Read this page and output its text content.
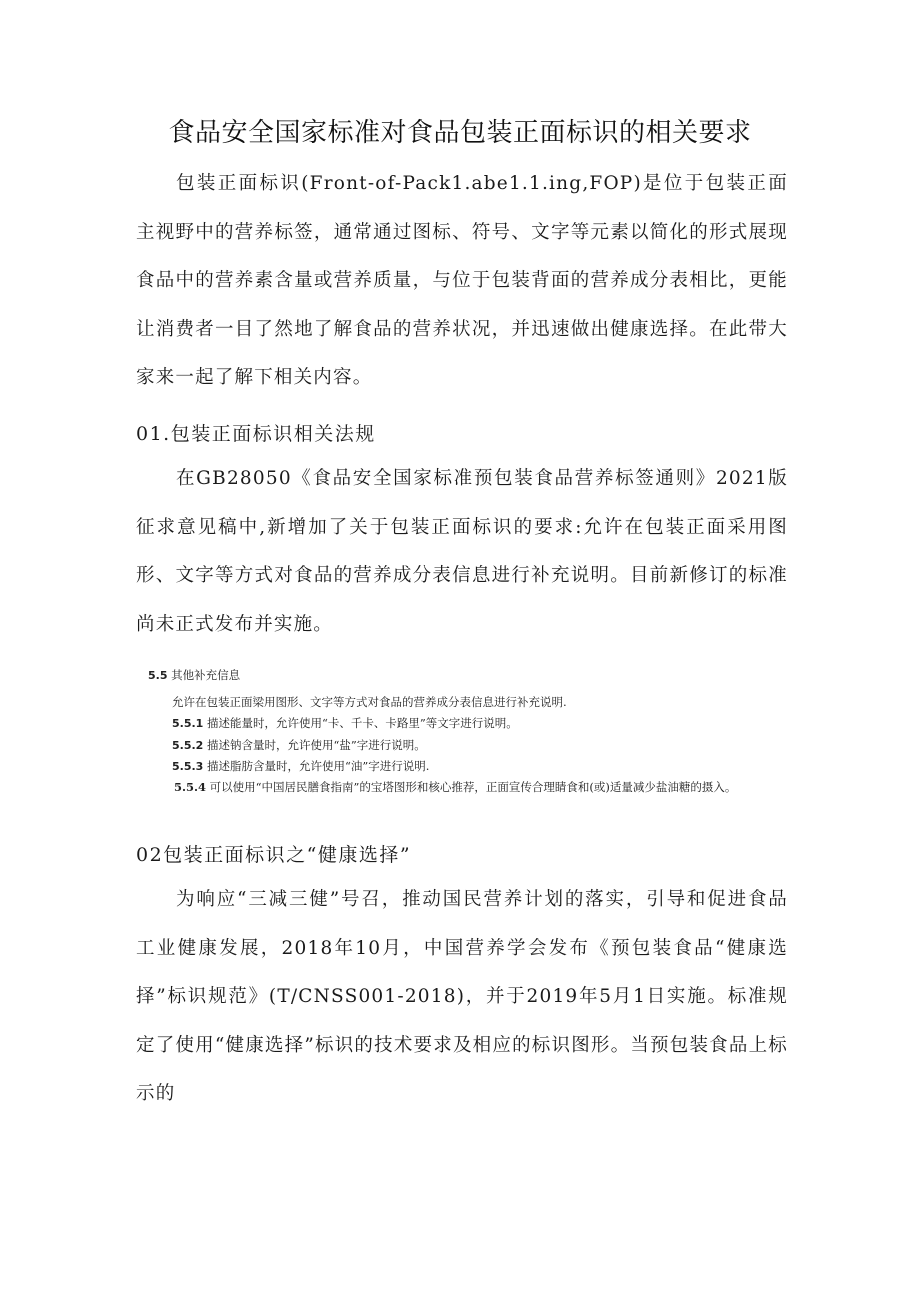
食品安全国家标准对食品包装正面标识的相关要求

包装正面标识(Front-of-Pack1.abe1.1.ing,FOP)是位于包装正面主视野中的营养标签，通常通过图标、符号、文字等元素以简化的形式展现食品中的营养素含量或营养质量，与位于包装背面的营养成分表相比，更能让消费者一目了然地了解食品的营养状况，并迅速做出健康选择。在此带大家来一起了解下相关内容。

01.包装正面标识相关法规

在GB28050《食品安全国家标准预包装食品营养标签通则》2021版征求意见稿中,新增加了关于包装正面标识的要求:允许在包装正面采用图形、文字等方式对食品的营养成分表信息进行补充说明。目前新修订的标准尚未正式发布并实施。

5.5 其他补充信息
允许在包装正面梁用图形、文字等方式对食品的营养成分表信息进行补充说明.
5.5.1 描述能量时，允许使用“卡、千卡、卡路里”等文字进行说明。
5.5.2 描述钠含量时，允许使用“盐”字进行说明。
5.5.3 描述脂肪含量时，允许使用“油”字进行说明.
5.5.4 可以使用“中国居民膳食指南”的宝塔图形和核心推荐，正面宣传合理睛食和(或)适量减少盐油糖的摄入。
02包装正面标识之“健康选择”

为响应“三减三健”号召，推动国民营养计划的落实，引导和促进食品工业健康发展，2018年10月，中国营养学会发布《预包装食品“健康选择”标识规范》(T/CNSS001-2018)，并于2019年5月1日实施。标准规定了使用“健康选择”标识的技术要求及相应的标识图形。当预包装食品上标示的
